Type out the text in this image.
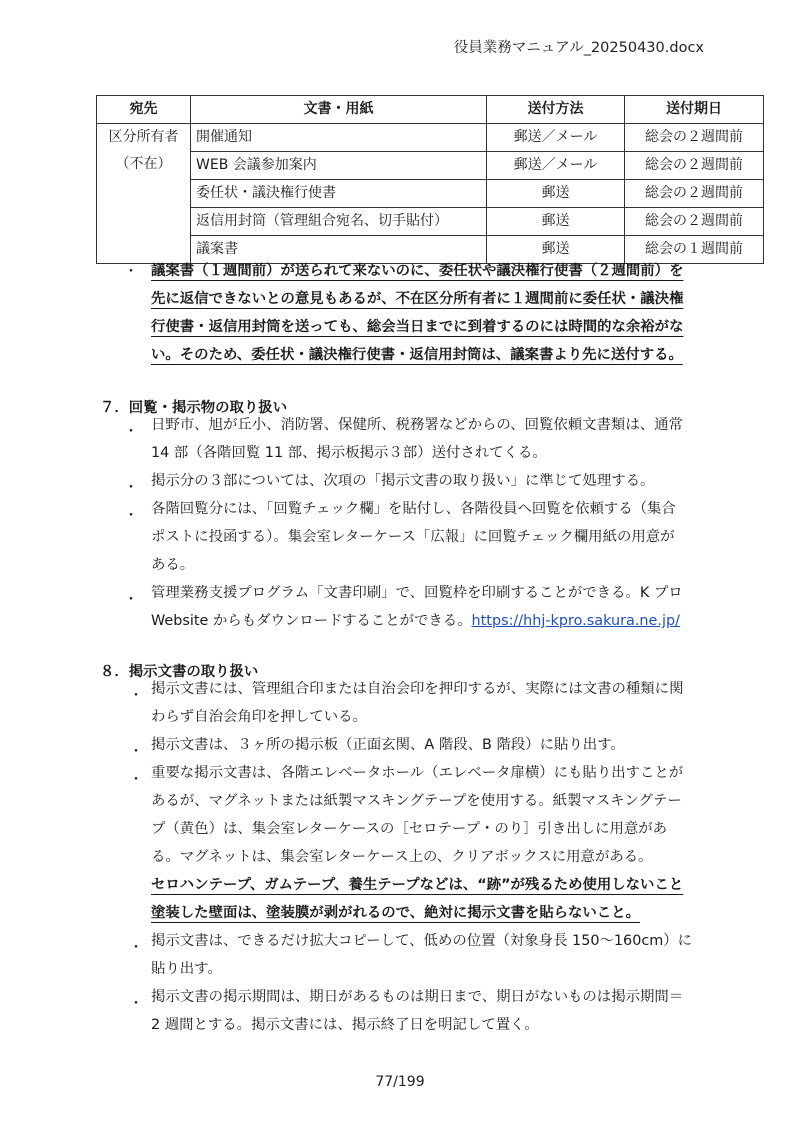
役員業務マニュアル_20250430.docx
宛先	文書・用紙	送付方法	送付期日

区分所有者
（不在）	開催通知	郵送／メール	総会の２週間前
	WEB 会議参加案内	郵送／メール	総会の２週間前
	委任状・議決権行使書	郵送	総会の２週間前
	返信用封筒（管理組合宛名、切手貼付）	郵送	総会の２週間前
	議案書	郵送	総会の１週間前
・ 議案書（１週間前）が送られて来ないのに、委任状や議決権行使書（２週間前）を
先に返信できないとの意見もあるが、不在区分所有者に１週間前に委任状・議決権
行使書・返信用封筒を送っても、総会当日までに到着するのには時間的な余裕がな
い。そのため、委任状・議決権行使書・返信用封筒は、議案書より先に送付する。
７．回覧・掲示物の取り扱い
・ 日野市、旭が丘小、消防署、保健所、税務署などからの、回覧依頼文書類は、通常
14 部（各階回覧 11 部、掲示板掲示３部）送付されてくる。
・ 掲示分の３部については、次項の「掲示文書の取り扱い」に準じて処理する。
・ 各階回覧分には、「回覧チェック欄」を貼付し、各階役員へ回覧を依頼する（集合
ポストに投函する）。集会室レターケース「広報」に回覧チェック欄用紙の用意が
ある。
・ 管理業務支援プログラム「文書印刷」で、回覧枠を印刷することができる。K プロ
Website からもダウンロードすることができる。https://hhj-kpro.sakura.ne.jp/
８．掲示文書の取り扱い
・ 掲示文書には、管理組合印または自治会印を押印するが、実際には文書の種類に関
わらず自治会角印を押している。
・ 掲示文書は、３ヶ所の掲示板（正面玄関、A 階段、B 階段）に貼り出す。
・ 重要な掲示文書は、各階エレベータホール（エレベータ扉横）にも貼り出すことが
あるが、マグネットまたは紙製マスキングテープを使用する。紙製マスキングテー
プ（黄色）は、集会室レターケースの［セロテープ・のり］引き出しに用意があ
る。マグネットは、集会室レターケース上の、クリアボックスに用意がある。
セロハンテープ、ガムテープ、養生テープなどは、“跡”が残るため使用しないこと
塗装した壁面は、塗装膜が剥がれるので、絶対に掲示文書を貼らないこと。
・ 掲示文書は、できるだけ拡大コピーして、低めの位置（対象身長 150〜160cm）に
貼り出す。
・ 掲示文書の掲示期間は、期日があるものは期日まで、期日がないものは掲示期間＝
2 週間とする。掲示文書には、掲示終了日を明記して置く。
77/199
